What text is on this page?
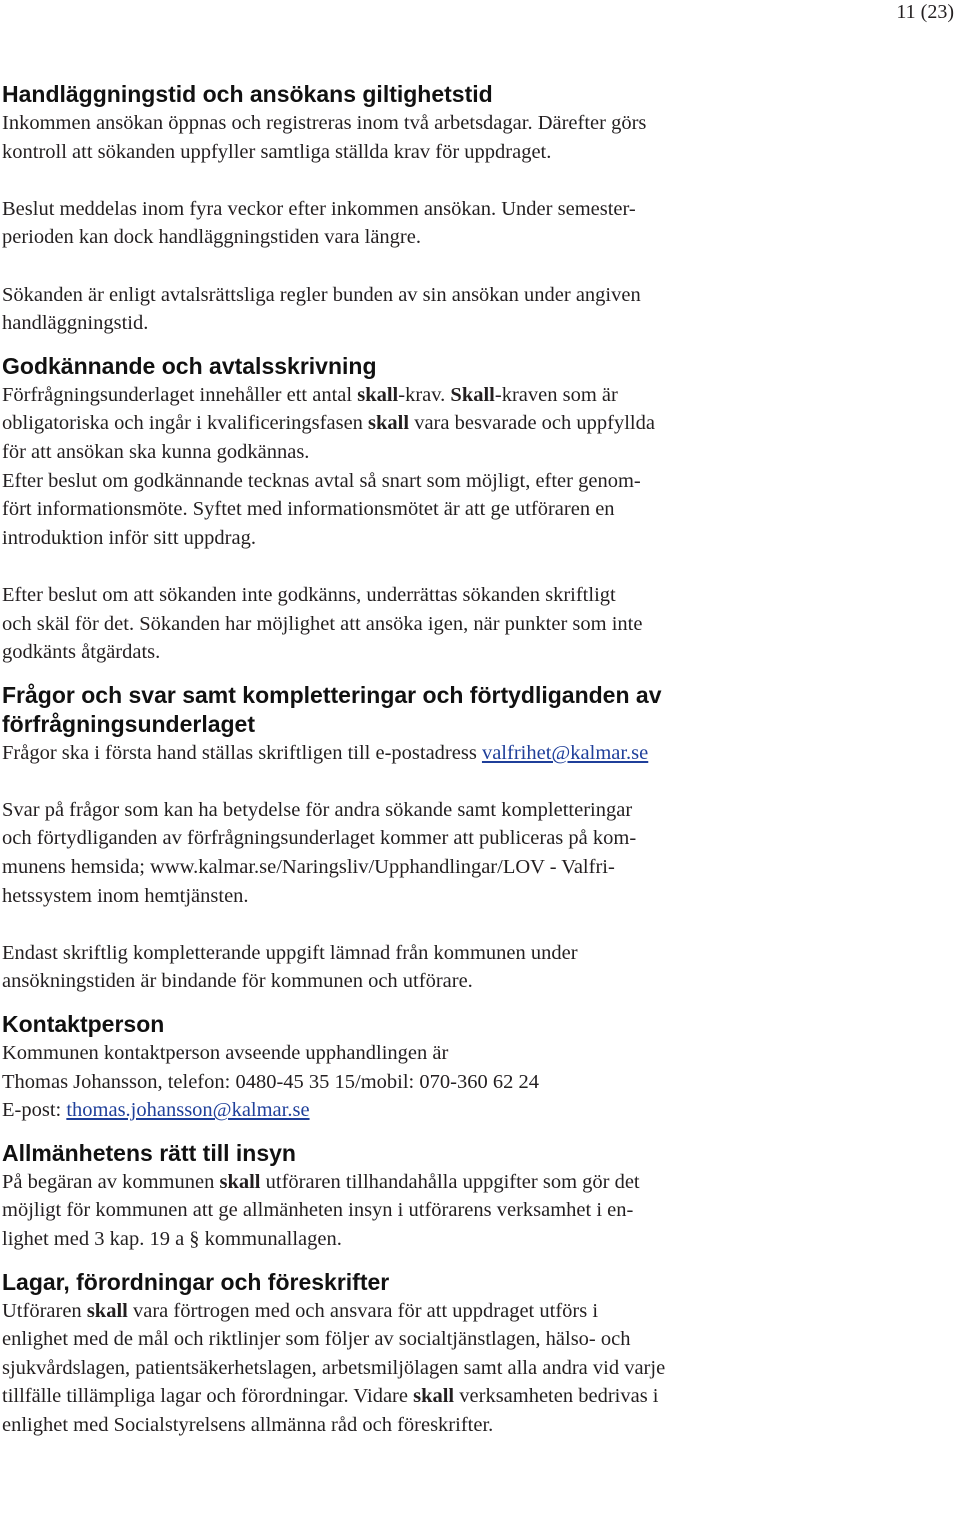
11 (23)
Handläggningstid och ansökans giltighetstid

Inkommen ansökan öppnas och registreras inom två arbetsdagar. Därefter görs
kontroll att sökanden uppfyller samtliga ställda krav för uppdraget.

Beslut meddelas inom fyra veckor efter inkommen ansökan. Under semester-
perioden kan dock handläggningstiden vara längre.

Sökanden är enligt avtalsrättsliga regler bunden av sin ansökan under angiven
handläggningstid.

Godkännande och avtalsskrivning

Förfrågningsunderlaget innehåller ett antal skall-krav. Skall-kraven som är
obligatoriska och ingår i kvalificeringsfasen skall vara besvarade och uppfyllda
för att ansökan ska kunna godkännas.
Efter beslut om godkännande tecknas avtal så snart som möjligt, efter genom-
fört informationsmöte. Syftet med informationsmötet är att ge utföraren en
introduktion inför sitt uppdrag.

Efter beslut om att sökanden inte godkänns, underrättas sökanden skriftligt
och skäl för det. Sökanden har möjlighet att ansöka igen, när punkter som inte
godkänts åtgärdats.

Frågor och svar samt kompletteringar och förtydliganden av
förfrågningsunderlaget

Frågor ska i första hand ställas skriftligen till e-postadress valfrihet@kalmar.se

Svar på frågor som kan ha betydelse för andra sökande samt kompletteringar
och förtydliganden av förfrågningsunderlaget kommer att publiceras på kom-
munens hemsida; www.kalmar.se/Naringsliv/Upphandlingar/LOV - Valfri-
hetssystem inom hemtjänsten.

Endast skriftlig kompletterande uppgift lämnad från kommunen under
ansökningstiden är bindande för kommunen och utförare.

Kontaktperson

Kommunen kontaktperson avseende upphandlingen är
Thomas Johansson, telefon: 0480-45 35 15/mobil: 070-360 62 24
E-post: thomas.johansson@kalmar.se

Allmänhetens rätt till insyn

På begäran av kommunen skall utföraren tillhandahålla uppgifter som gör det
möjligt för kommunen att ge allmänheten insyn i utförarens verksamhet i en-
lighet med 3 kap. 19 a § kommunallagen.

Lagar, förordningar och föreskrifter

Utföraren skall vara förtrogen med och ansvara för att uppdraget utförs i
enlighet med de mål och riktlinjer som följer av socialtjänstlagen, hälso- och
sjukvårdslagen, patientsäkerhetslagen, arbetsmiljölagen samt alla andra vid varje
tillfälle tillämpliga lagar och förordningar. Vidare skall verksamheten bedrivas i
enlighet med Socialstyrelsens allmänna råd och föreskrifter.
